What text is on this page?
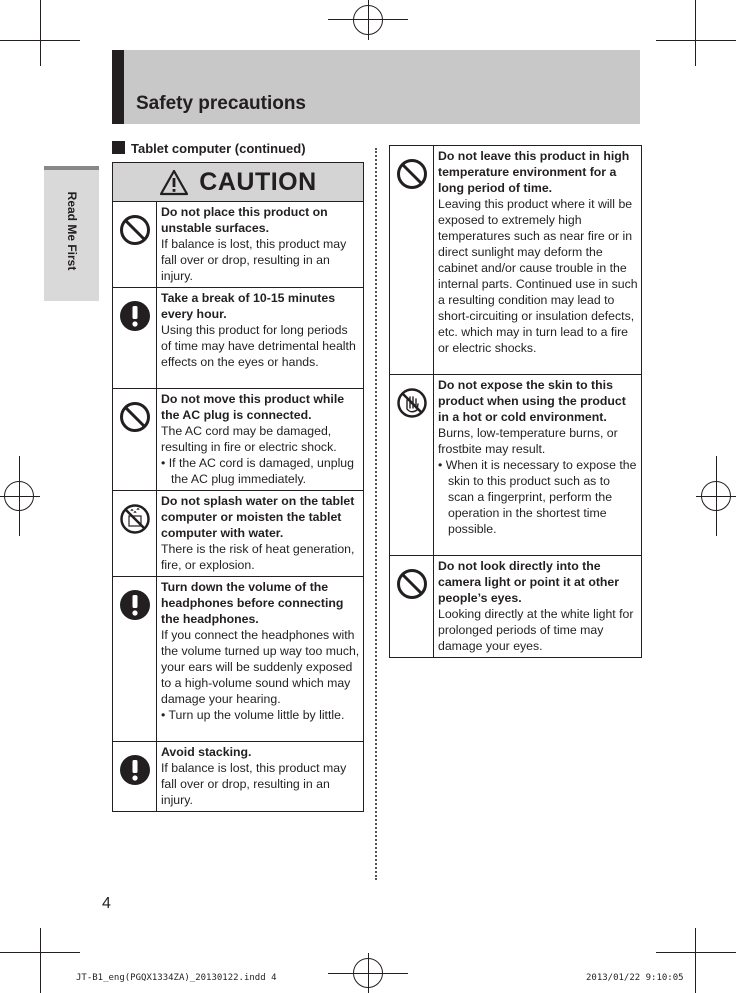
Safety precautions
Read Me First
Tablet computer (continued)
CAUTION
Do not place this product on unstable surfaces.
If balance is lost, this product may fall over or drop, resulting in an injury.
Take a break of 10-15 minutes every hour.
Using this product for long periods of time may have detrimental health effects on the eyes or hands.
Do not move this product while the AC plug is connected.
The AC cord may be damaged, resulting in fire or electric shock.
• If the AC cord is damaged, unplug the AC plug immediately.
Do not splash water on the tablet computer or moisten the tablet computer with water.
There is the risk of heat generation, fire, or explosion.
Turn down the volume of the headphones before connecting the headphones.
If you connect the headphones with the volume turned up way too much, your ears will be suddenly exposed to a high-volume sound which may damage your hearing.
• Turn up the volume little by little.
Avoid stacking.
If balance is lost, this product may fall over or drop, resulting in an injury.
Do not leave this product in high temperature environment for a long period of time.
Leaving this product where it will be exposed to extremely high temperatures such as near fire or in direct sunlight may deform the cabinet and/or cause trouble in the internal parts. Continued use in such a resulting condition may lead to short-circuiting or insulation defects, etc. which may in turn lead to a fire or electric shocks.
Do not expose the skin to this product when using the product in a hot or cold environment.
Burns, low-temperature burns, or frostbite may result.
• When it is necessary to expose the skin to this product such as to scan a fingerprint, perform the operation in the shortest time possible.
Do not look directly into the camera light or point it at other people’s eyes.
Looking directly at the white light for prolonged periods of time may damage your eyes.
4
JT-B1_eng(PGQX1334ZA)_20130122.indd 4	2013/01/22 9:10:05
